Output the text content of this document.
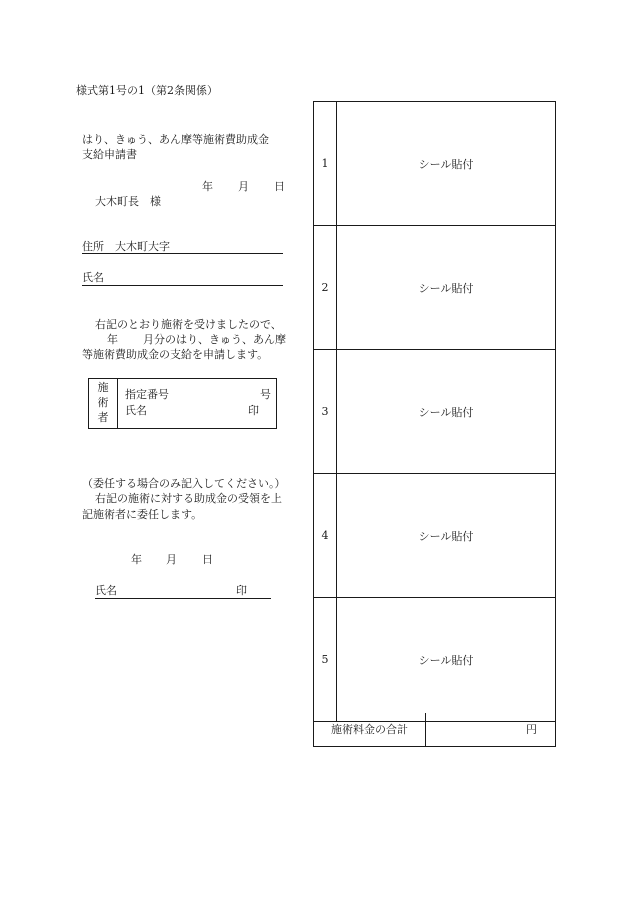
様式第1号の1（第2条関係）
はり、きゅう、あん摩等施術費助成金
支給申請書
年 月 日
大木町長　様
住所　大木町大字
氏名
右記のとおり施術を受けましたので、
年 月分のはり、きゅう、あん摩
等施術費助成金の支給を申請します。
施
術
者
指定番号	号
氏名	印
（委任する場合のみ記入してください。）
右記の施術に対する助成金の受領を上
記施術者に委任します。
年 月 日
氏名	印
1	シール貼付
2	シール貼付
3	シール貼付
4	シール貼付
5	シール貼付
施術料金の合計	円
